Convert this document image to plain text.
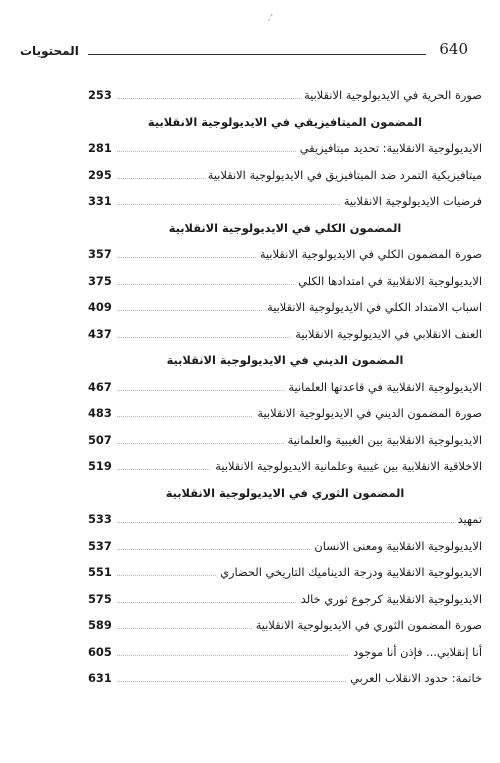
ﻧ ُ
المحتويات	640
253	صورة الحرية في الايديولوجية الانقلابية
المضمون الميتافيزيقي في الايديولوجية الانقلابية
281	الايديولوجية الانقلابية: تحديد ميتافيزيقي
295	ميتافيزيكية التمرد ضد الميتافيزيق في الايديولوجية الانقلابية
331	فرضيات الايديولوجية الانقلابية
المضمون الكلي في الايديولوجية الانقلابية
357	صورة المضمون الكلي في الايديولوجية الانقلابية
375	الايديولوجية الانقلابية في امتدادها الكلي
409	اسباب الامتداد الكلي في الايديولوجية الانقلابية
437	العنف الانقلابي في الايديولوجية الانقلابية
المضمون الديني في الايديولوجية الانقلابية
467	الايديولوجية الانقلابية في قاعدتها العلمانية
483	صورة المضمون الديني في الايديولوجية الانقلابية
507	الايديولوجية الانقلابية بين الغيبية والعلمانية
519	الاخلاقية الانقلابية بين غيبية وعلمانية الايديولوجية الانقلابية
المضمون الثوري في الايديولوجية الانقلابية
533	تمهيد
537	الايديولوجية الانقلابية ومعنى الانسان
551	الايديولوجية الانقلابية ودرجة الديناميك التاريخي الحضاري
575	الايديولوجية الانقلابية كرجوع ثوري خالد
589	صورة المضمون الثوري في الايديولوجية الانقلابية
605	أنا إنقلابي... فإذن أنا موجود
631	خاتمة: حدود الانقلاب العربي
